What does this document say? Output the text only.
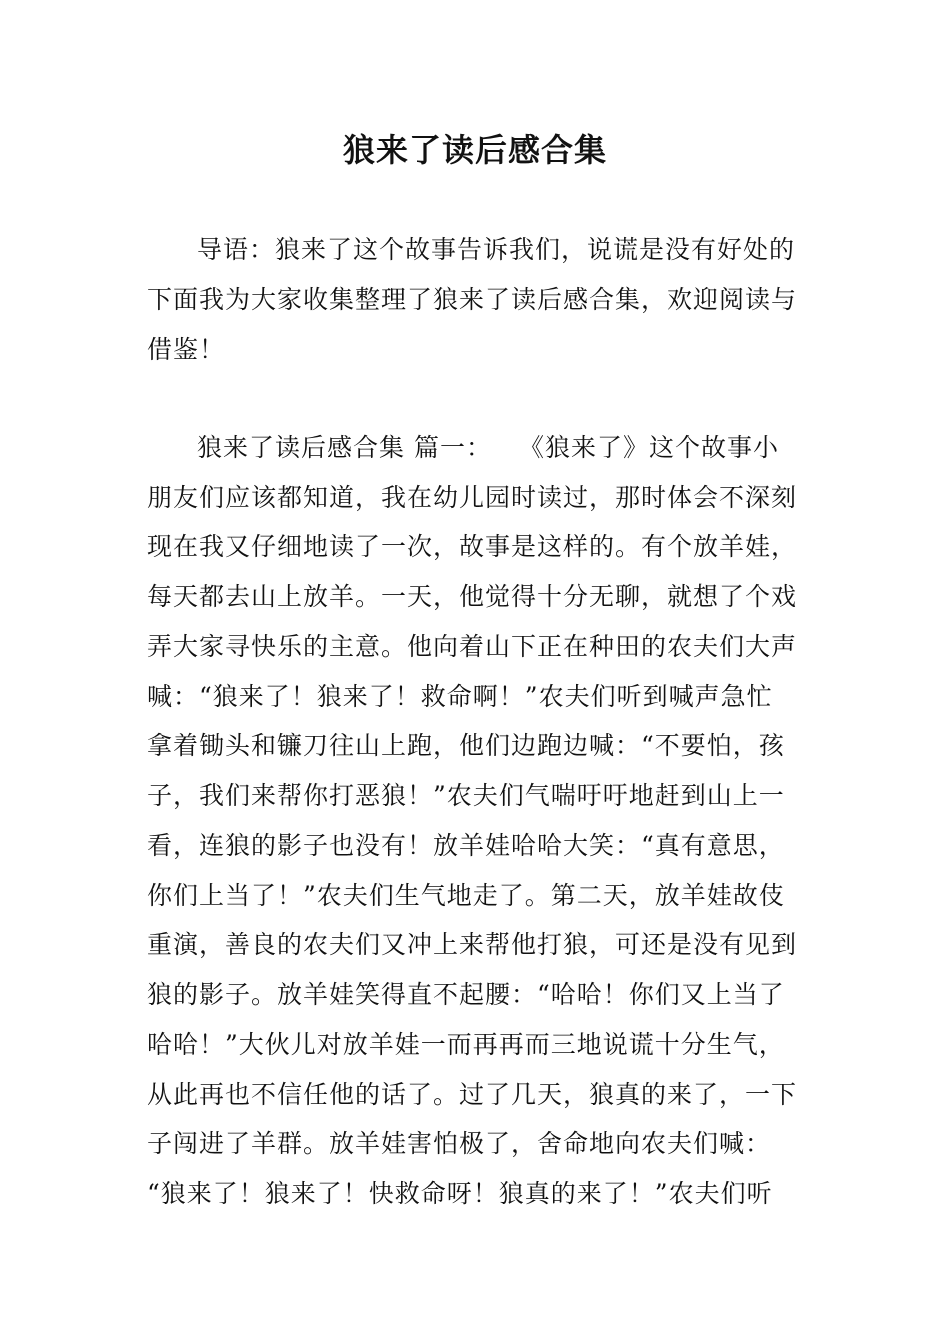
狼来了读后感合集
导语：狼来了这个故事告诉我们，说谎是没有好处的
下面我为大家收集整理了狼来了读后感合集，欢迎阅读与
借鉴！
狼来了读后感合集 篇一：　　《狼来了》这个故事小
朋友们应该都知道，我在幼儿园时读过，那时体会不深刻
现在我又仔细地读了一次，故事是这样的。有个放羊娃，
每天都去山上放羊。一天，他觉得十分无聊，就想了个戏
弄大家寻快乐的主意。他向着山下正在种田的农夫们大声
喊：“狼来了！狼来了！救命啊！”农夫们听到喊声急忙
拿着锄头和镰刀往山上跑，他们边跑边喊：“不要怕，孩
子，我们来帮你打恶狼！”农夫们气喘吁吁地赶到山上一
看，连狼的影子也没有！放羊娃哈哈大笑：“真有意思，
你们上当了！”农夫们生气地走了。第二天，放羊娃故伎
重演，善良的农夫们又冲上来帮他打狼，可还是没有见到
狼的影子。放羊娃笑得直不起腰：“哈哈！你们又上当了
哈哈！”大伙儿对放羊娃一而再再而三地说谎十分生气，
从此再也不信任他的话了。过了几天，狼真的来了，一下
子闯进了羊群。放羊娃害怕极了，舍命地向农夫们喊：
“狼来了！狼来了！快救命呀！狼真的来了！”农夫们听
